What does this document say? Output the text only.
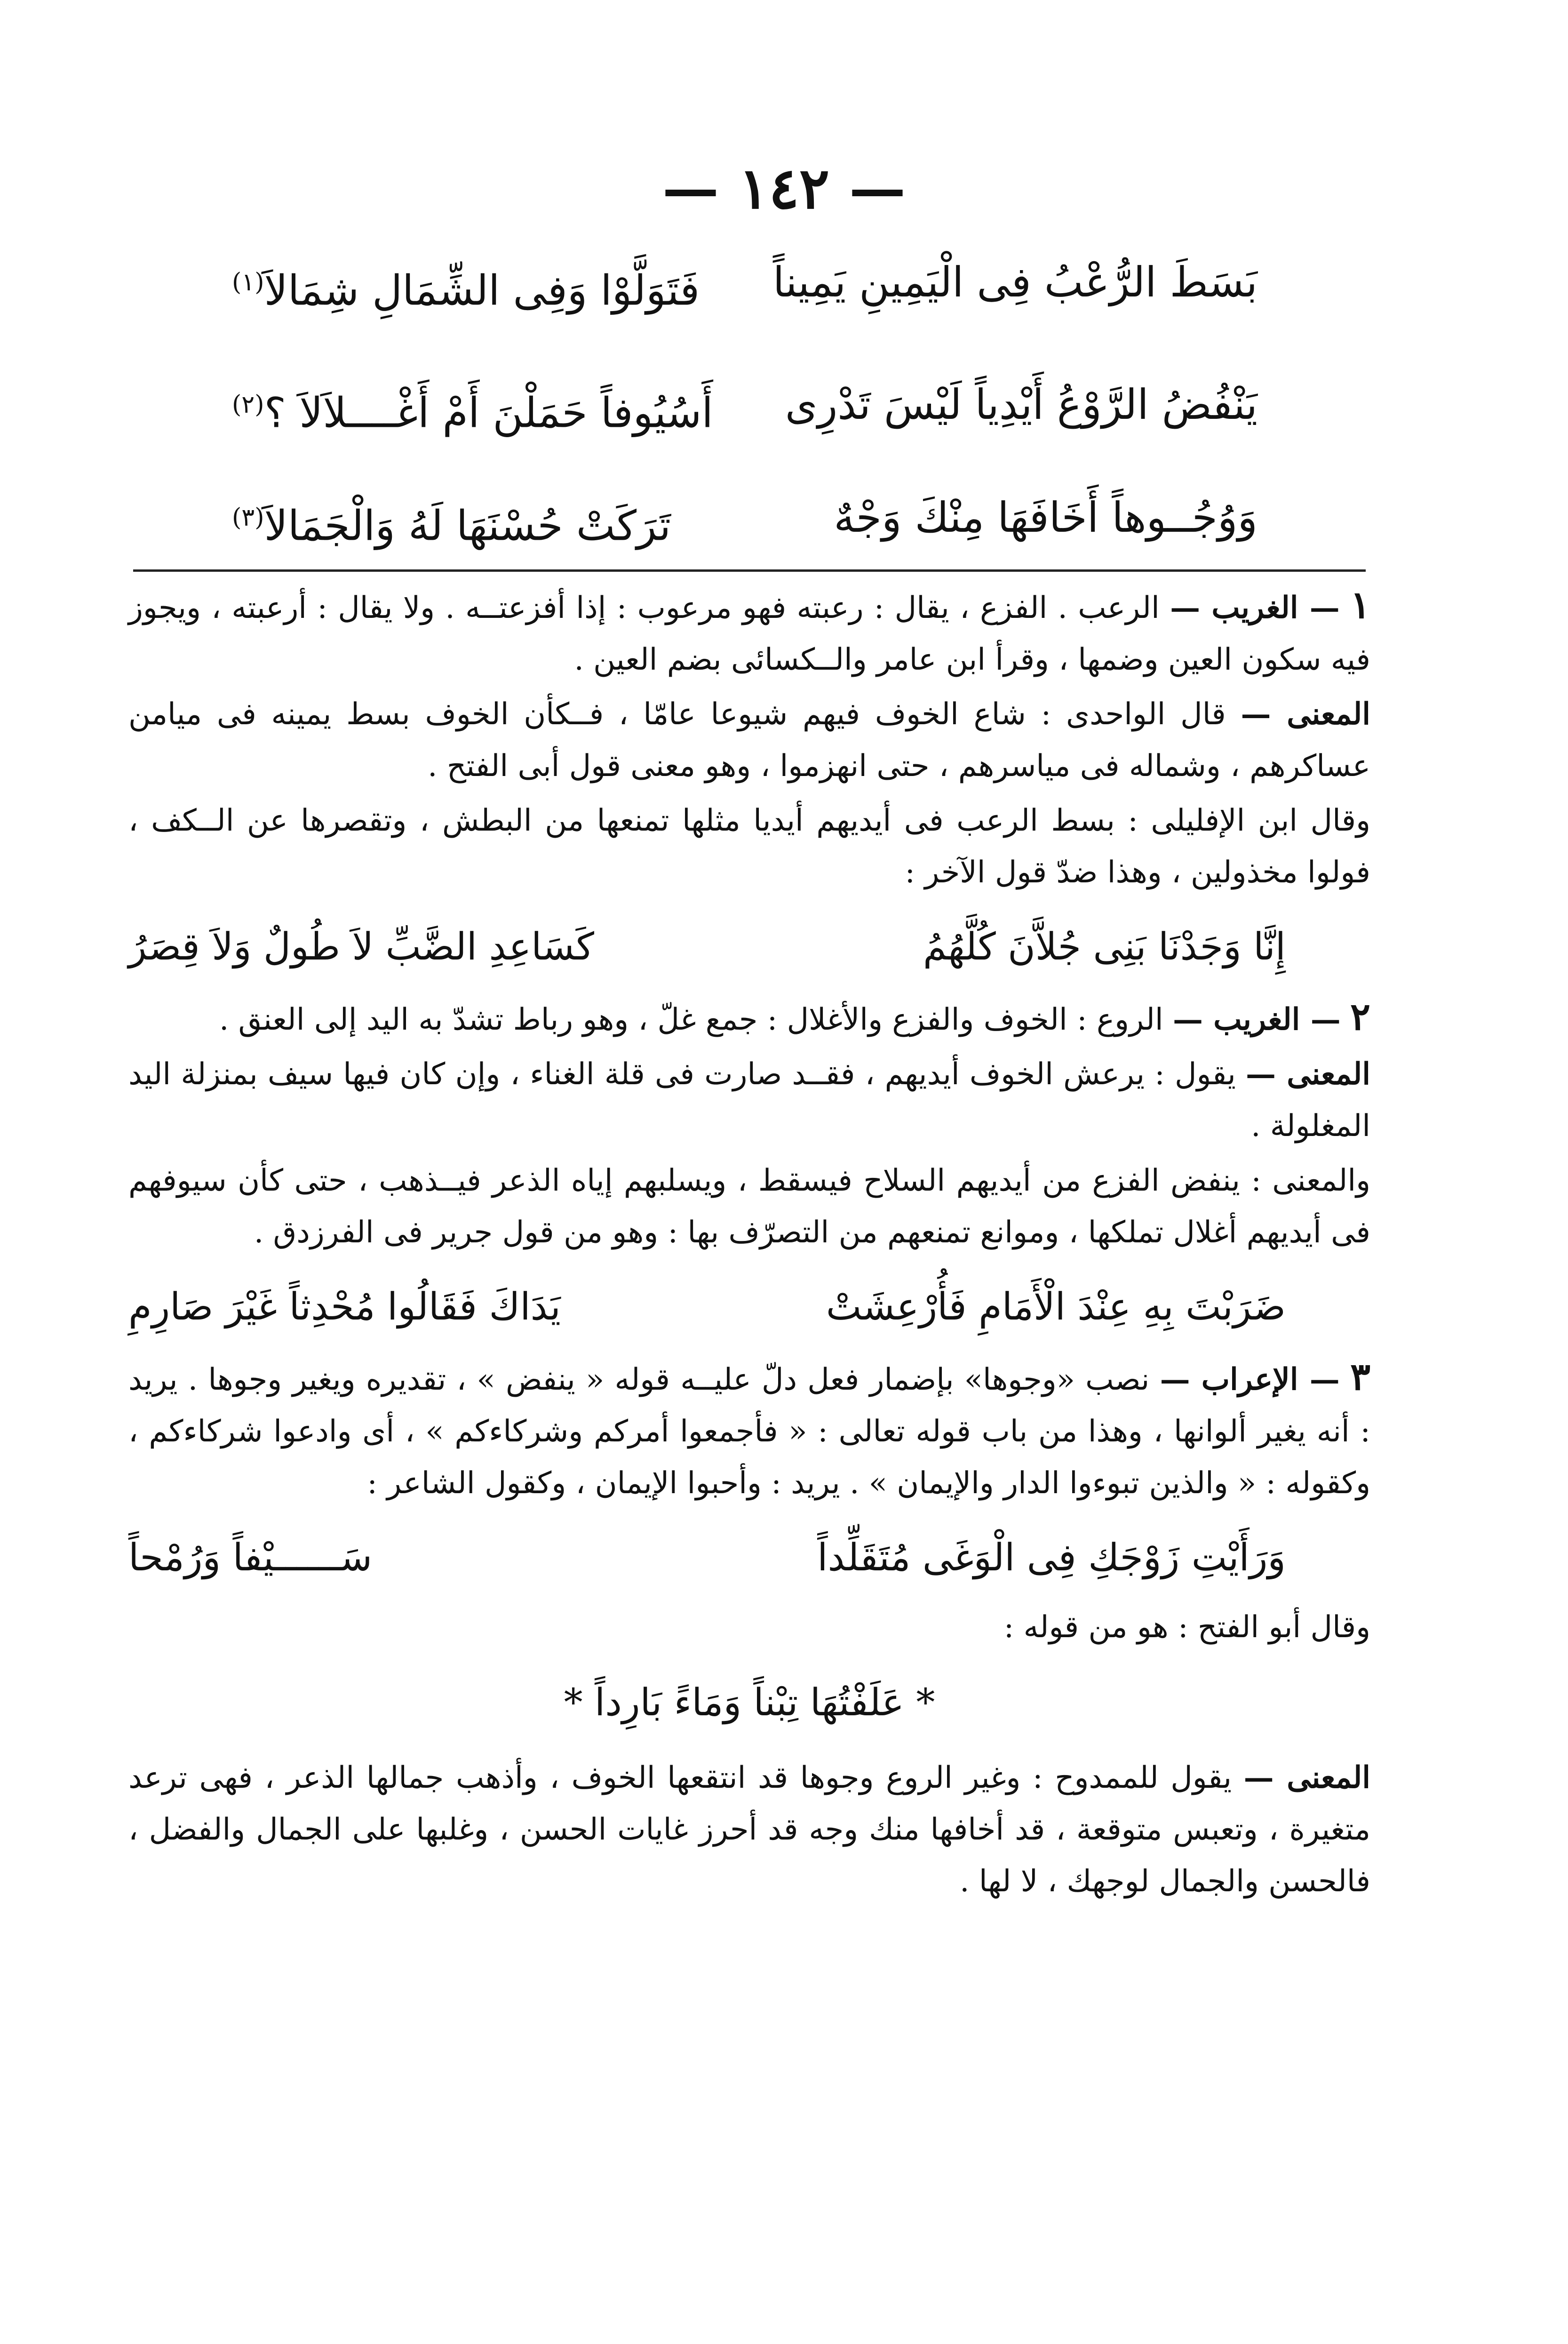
— ١٤٢ —
بَسَطَ الرُّعْبُ فِى الْيَمِينِ يَمِيناً
فَتَوَلَّوْا وَفِى الشِّمَالِ شِمَالاَ$^{(١)}$
يَنْفُضُ الرَّوْعُ أَيْدِياً لَيْسَ تَدْرِى
أَسُيُوفاً حَمَلْنَ أَمْ أَغْــــلاَلاَ ؟$^{(٢)}$
وَوُجُــوهاً أَخَافَهَا مِنْكَ وَجْهٌ
تَرَكَتْ حُسْنَهَا لَهُ وَالْجَمَالاَ$^{(٣)}$

١ — الغريب — الرعب . الفزع ، يقال : رعبته فهو مرعوب : إذا أفزعتــه . ولا يقال : أرعبته ، ويجوز فيه سكون العين وضمها ، وقرأ ابن عامر والــكسائى بضم العين .

المعنى — قال الواحدى : شاع الخوف فيهم شيوعا عامّا ، فــكأن الخوف بسط يمينه فى ميامن عساكرهم ، وشماله فى مياسرهم ، حتى انهزموا ، وهو معنى قول أبى الفتح .

وقال ابن الإفليلى : بسط الرعب فى أيديهم أيديا مثلها تمنعها من البطش ، وتقصرها عن الــكف ، فولوا مخذولين ، وهذا ضدّ قول الآخر :

إِنَّا وَجَدْنَا بَنِى جُلاَّنَ كُلَّهُمُ
كَسَاعِدِ الضَّبِّ لاَ طُولٌ وَلاَ قِصَرُ

٢ — الغريب — الروع : الخوف والفزع والأغلال : جمع غلّ ، وهو رباط تشدّ به اليد إلى العنق .

المعنى — يقول : يرعش الخوف أيديهم ، فقــد صارت فى قلة الغناء ، وإن كان فيها سيف بمنزلة اليد المغلولة .

والمعنى : ينفض الفزع من أيديهم السلاح فيسقط ، ويسلبهم إياه الذعر فيــذهب ، حتى كأن سيوفهم فى أيديهم أغلال تملكها ، وموانع تمنعهم من التصرّف بها : وهو من قول جرير فى الفرزدق .

ضَرَبْتَ بِهِ عِنْدَ الْأَمَامِ فَأُرْعِشَتْ
يَدَاكَ فَقَالُوا مُحْدِثاً غَيْرَ صَارِمِ

٣ — الإعراب — نصب «وجوها» بإضمار فعل دلّ عليــه قوله « ينفض » ، تقديره ويغير وجوها . يريد : أنه يغير ألوانها ، وهذا من باب قوله تعالى : « فأجمعوا أمركم وشركاءكم » ، أى وادعوا شركاءكم ، وكقوله : « والذين تبوءوا الدار والإيمان » . يريد : وأحبوا الإيمان ، وكقول الشاعر :

وَرَأَيْتِ زَوْجَكِ فِى الْوَغَى مُتَقَلِّداً
سَــــــيْفاً وَرُمْحاً

وقال أبو الفتح : هو من قوله :

* عَلَفْتُهَا تِبْناً وَمَاءً بَارِداً *

المعنى — يقول للممدوح : وغير الروع وجوها قد انتقعها الخوف ، وأذهب جمالها الذعر ، فهى ترعد متغيرة ، وتعبس متوقعة ، قد أخافها منك وجه قد أحرز غايات الحسن ، وغلبها على الجمال والفضل ، فالحسن والجمال لوجهك ، لا لها .
